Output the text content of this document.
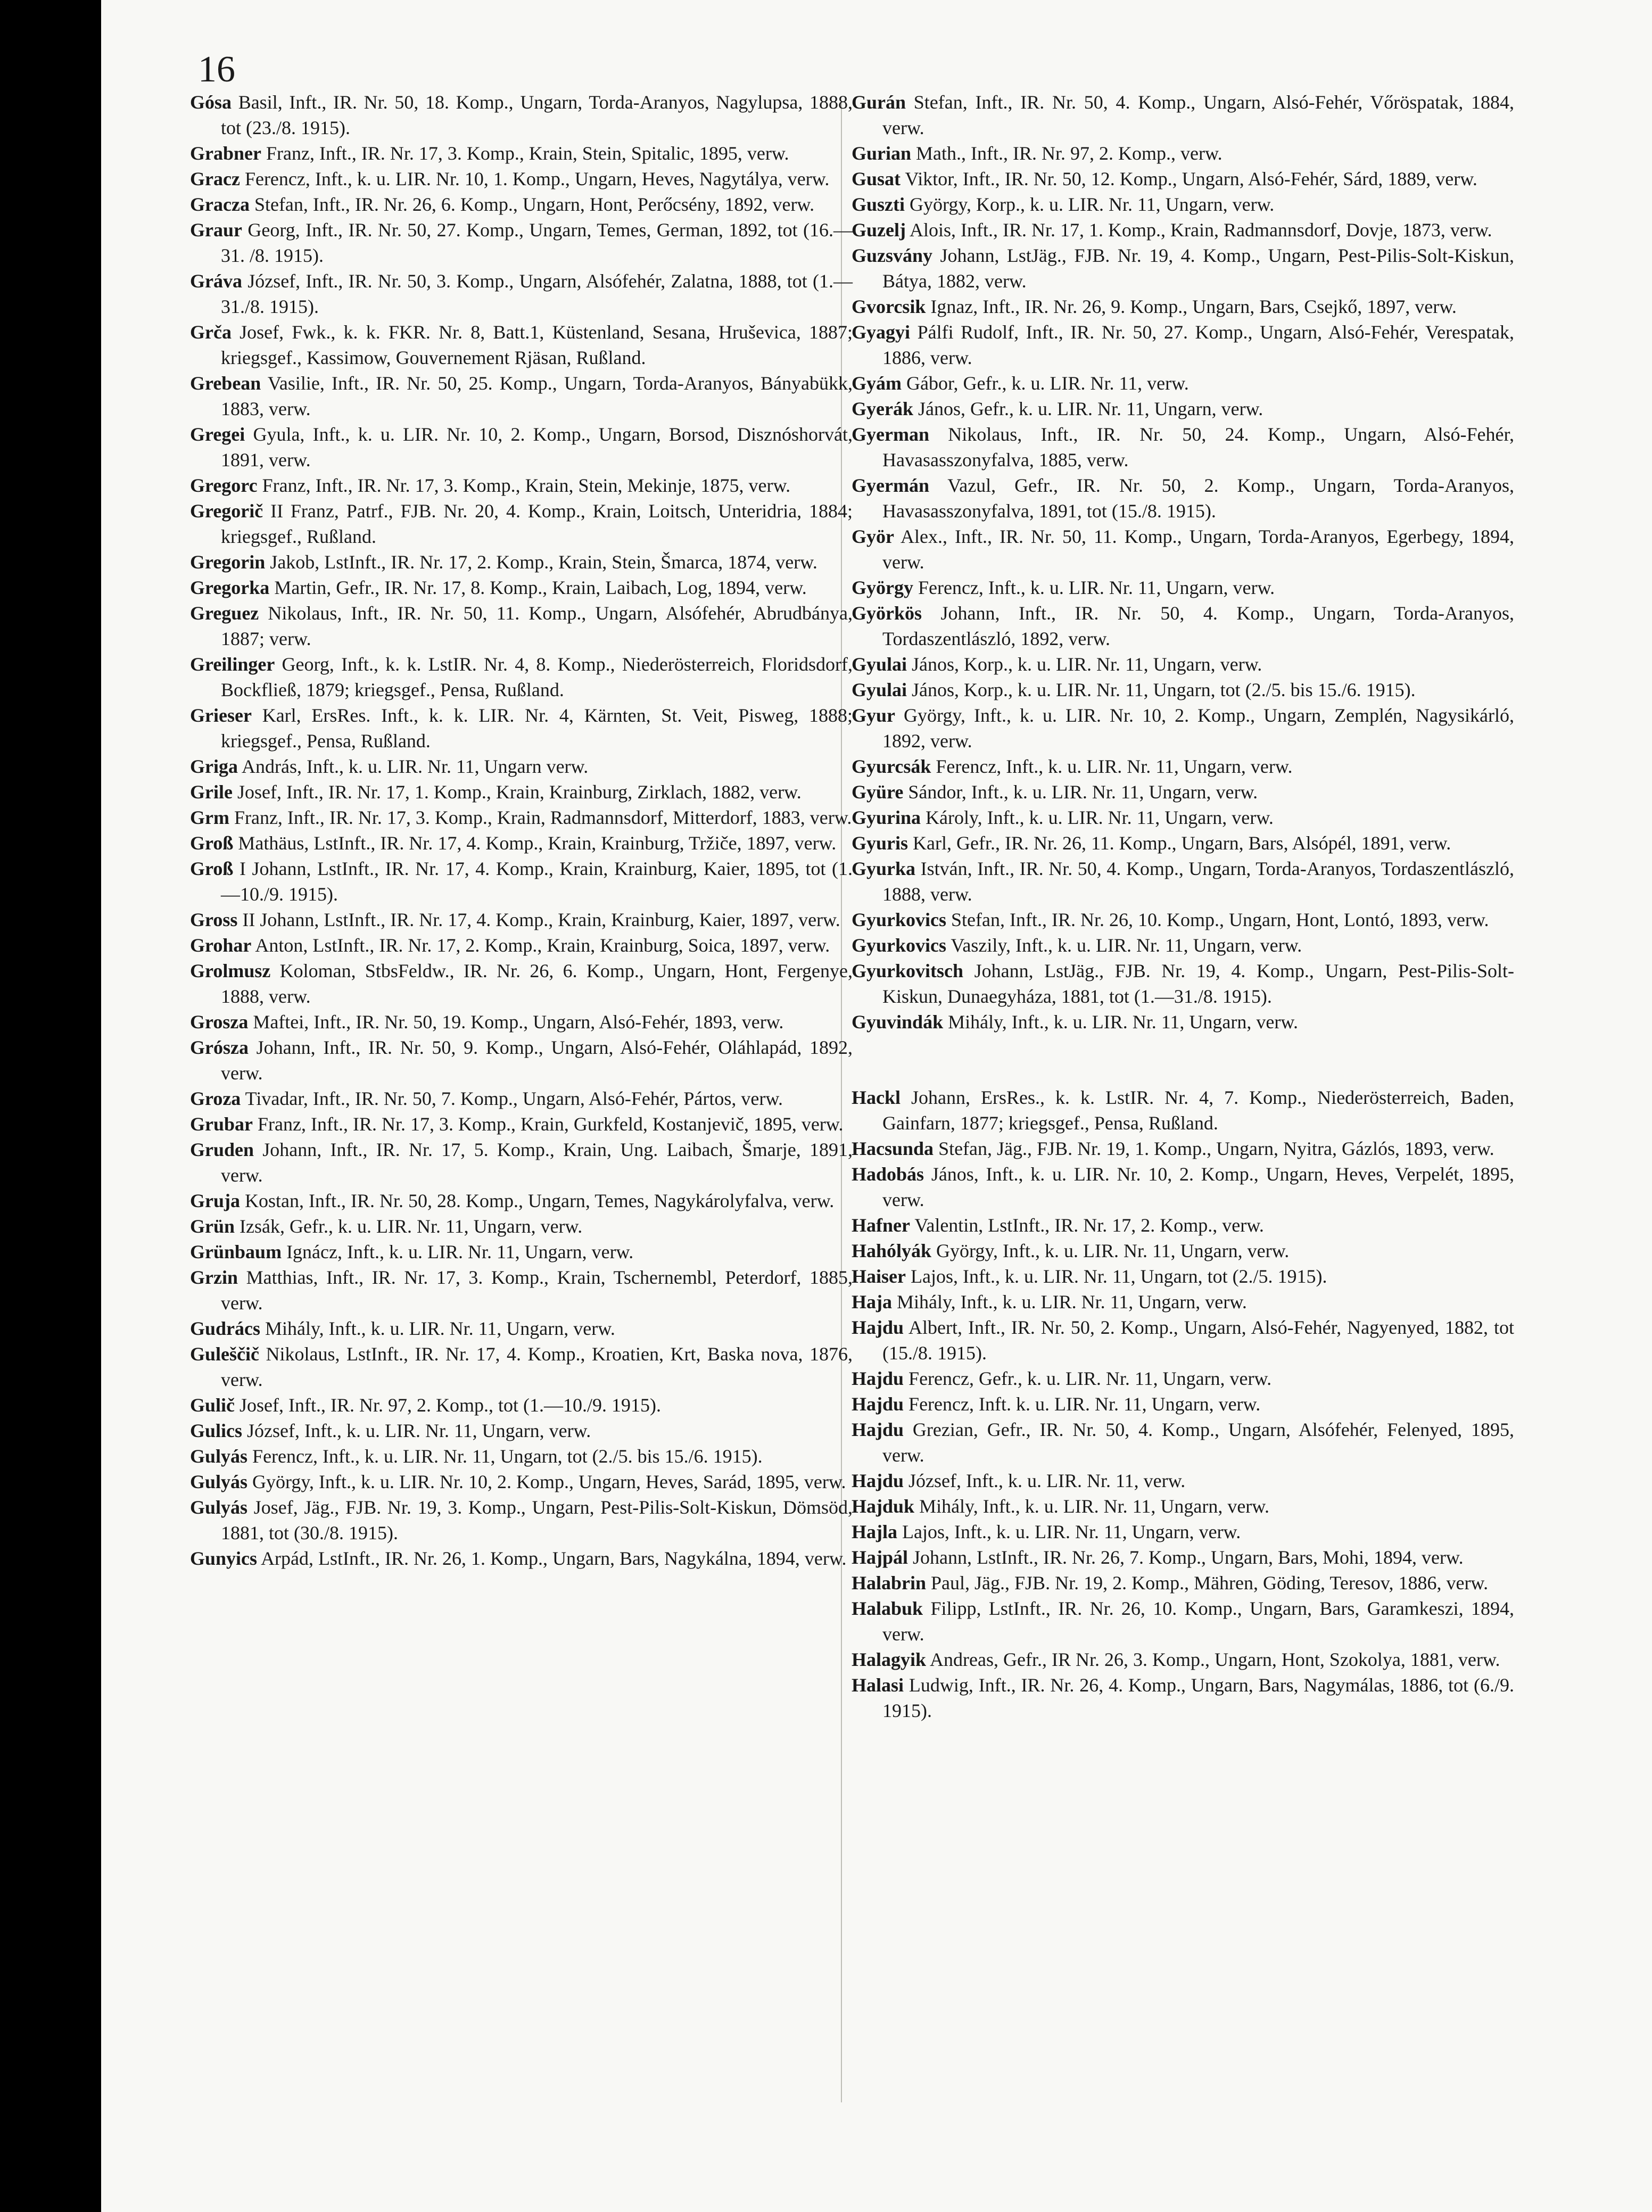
16

Gósa Basil, Inft., IR. Nr. 50, 18. Komp., Ungarn, Torda-Aranyos, Nagylupsa, 1888, tot (23./8. 1915).

Grabner Franz, Inft., IR. Nr. 17, 3. Komp., Krain, Stein, Spitalic, 1895, verw.

Gracz Ferencz, Inft., k. u. LIR. Nr. 10, 1. Komp., Ungarn, Heves, Nagytálya, verw.

Gracza Stefan, Inft., IR. Nr. 26, 6. Komp., Ungarn, Hont, Perőcsény, 1892, verw.

Graur Georg, Inft., IR. Nr. 50, 27. Komp., Ungarn, Temes, German, 1892, tot (16.—31. /8. 1915).

Gráva József, Inft., IR. Nr. 50, 3. Komp., Ungarn, Alsófehér, Zalatna, 1888, tot (1.—31./8. 1915).

Grča Josef, Fwk., k. k. FKR. Nr. 8, Batt.1, Küstenland, Sesana, Hruševica, 1887; kriegsgef., Kassimow, Gouvernement Rjäsan, Rußland.

Grebean Vasilie, Inft., IR. Nr. 50, 25. Komp., Ungarn, Torda-Aranyos, Bányabükk, 1883, verw.

Gregei Gyula, Inft., k. u. LIR. Nr. 10, 2. Komp., Ungarn, Borsod, Disznóshorvát, 1891, verw.

Gregorc Franz, Inft., IR. Nr. 17, 3. Komp., Krain, Stein, Mekinje, 1875, verw.

Gregorič II Franz, Patrf., FJB. Nr. 20, 4. Komp., Krain, Loitsch, Unteridria, 1884; kriegsgef., Rußland.

Gregorin Jakob, LstInft., IR. Nr. 17, 2. Komp., Krain, Stein, Šmarca, 1874, verw.

Gregorka Martin, Gefr., IR. Nr. 17, 8. Komp., Krain, Laibach, Log, 1894, verw.

Greguez Nikolaus, Inft., IR. Nr. 50, 11. Komp., Ungarn, Alsófehér, Abrudbánya, 1887; verw.

Greilinger Georg, Inft., k. k. LstIR. Nr. 4, 8. Komp., Niederösterreich, Floridsdorf, Bockfließ, 1879; kriegsgef., Pensa, Rußland.

Grieser Karl, ErsRes. Inft., k. k. LIR. Nr. 4, Kärnten, St. Veit, Pisweg, 1888; kriegsgef., Pensa, Rußland.

Griga András, Inft., k. u. LIR. Nr. 11, Ungarn verw.

Grile Josef, Inft., IR. Nr. 17, 1. Komp., Krain, Krainburg, Zirklach, 1882, verw.

Grm Franz, Inft., IR. Nr. 17, 3. Komp., Krain, Radmannsdorf, Mitterdorf, 1883, verw.

Groß Mathäus, LstInft., IR. Nr. 17, 4. Komp., Krain, Krainburg, Tržiče, 1897, verw.

Groß I Johann, LstInft., IR. Nr. 17, 4. Komp., Krain, Krainburg, Kaier, 1895, tot (1.—10./9. 1915).

Gross II Johann, LstInft., IR. Nr. 17, 4. Komp., Krain, Krainburg, Kaier, 1897, verw.

Grohar Anton, LstInft., IR. Nr. 17, 2. Komp., Krain, Krainburg, Soica, 1897, verw.

Grolmusz Koloman, StbsFeldw., IR. Nr. 26, 6. Komp., Ungarn, Hont, Fergenye, 1888, verw.

Grosza Maftei, Inft., IR. Nr. 50, 19. Komp., Ungarn, Alsó-Fehér, 1893, verw.

Grósza Johann, Inft., IR. Nr. 50, 9. Komp., Ungarn, Alsó-Fehér, Oláhlapád, 1892, verw.

Groza Tivadar, Inft., IR. Nr. 50, 7. Komp., Ungarn, Alsó-Fehér, Pártos, verw.

Grubar Franz, Inft., IR. Nr. 17, 3. Komp., Krain, Gurkfeld, Kostanjevič, 1895, verw.

Gruden Johann, Inft., IR. Nr. 17, 5. Komp., Krain, Ung. Laibach, Šmarje, 1891, verw.

Gruja Kostan, Inft., IR. Nr. 50, 28. Komp., Ungarn, Temes, Nagykárolyfalva, verw.

Grün Izsák, Gefr., k. u. LIR. Nr. 11, Ungarn, verw.

Grünbaum Ignácz, Inft., k. u. LIR. Nr. 11, Ungarn, verw.

Grzin Matthias, Inft., IR. Nr. 17, 3. Komp., Krain, Tschernembl, Peterdorf, 1885, verw.

Gudrács Mihály, Inft., k. u. LIR. Nr. 11, Ungarn, verw.

Guleščič Nikolaus, LstInft., IR. Nr. 17, 4. Komp., Kroatien, Krt, Baska nova, 1876, verw.

Gulič Josef, Inft., IR. Nr. 97, 2. Komp., tot (1.—10./9. 1915).

Gulics József, Inft., k. u. LIR. Nr. 11, Ungarn, verw.

Gulyás Ferencz, Inft., k. u. LIR. Nr. 11, Ungarn, tot (2./5. bis 15./6. 1915).

Gulyás György, Inft., k. u. LIR. Nr. 10, 2. Komp., Ungarn, Heves, Sarád, 1895, verw.

Gulyás Josef, Jäg., FJB. Nr. 19, 3. Komp., Ungarn, Pest-Pilis-Solt-Kiskun, Dömsöd, 1881, tot (30./8. 1915).

Gunyics Arpád, LstInft., IR. Nr. 26, 1. Komp., Ungarn, Bars, Nagykálna, 1894, verw.

Gurán Stefan, Inft., IR. Nr. 50, 4. Komp., Ungarn, Alsó-Fehér, Vőröspatak, 1884, verw.

Gurian Math., Inft., IR. Nr. 97, 2. Komp., verw.

Gusat Viktor, Inft., IR. Nr. 50, 12. Komp., Ungarn, Alsó-Fehér, Sárd, 1889, verw.

Guszti György, Korp., k. u. LIR. Nr. 11, Ungarn, verw.

Guzelj Alois, Inft., IR. Nr. 17, 1. Komp., Krain, Radmannsdorf, Dovje, 1873, verw.

Guzsvány Johann, LstJäg., FJB. Nr. 19, 4. Komp., Ungarn, Pest-Pilis-Solt-Kiskun, Bátya, 1882, verw.

Gvorcsik Ignaz, Inft., IR. Nr. 26, 9. Komp., Ungarn, Bars, Csejkő, 1897, verw.

Gyagyi Pálfi Rudolf, Inft., IR. Nr. 50, 27. Komp., Ungarn, Alsó-Fehér, Verespatak, 1886, verw.

Gyám Gábor, Gefr., k. u. LIR. Nr. 11, verw.

Gyerák János, Gefr., k. u. LIR. Nr. 11, Ungarn, verw.

Gyerman Nikolaus, Inft., IR. Nr. 50, 24. Komp., Ungarn, Alsó-Fehér, Havasasszonyfalva, 1885, verw.

Gyermán Vazul, Gefr., IR. Nr. 50, 2. Komp., Ungarn, Torda-Aranyos, Havasasszonyfalva, 1891, tot (15./8. 1915).

Györ Alex., Inft., IR. Nr. 50, 11. Komp., Ungarn, Torda-Aranyos, Egerbegy, 1894, verw.

György Ferencz, Inft., k. u. LIR. Nr. 11, Ungarn, verw.

Györkös Johann, Inft., IR. Nr. 50, 4. Komp., Ungarn, Torda-Aranyos, Tordaszentlászló, 1892, verw.

Gyulai János, Korp., k. u. LIR. Nr. 11, Ungarn, verw.

Gyulai János, Korp., k. u. LIR. Nr. 11, Ungarn, tot (2./5. bis 15./6. 1915).

Gyur György, Inft., k. u. LIR. Nr. 10, 2. Komp., Ungarn, Zemplén, Nagysikárló, 1892, verw.

Gyurcsák Ferencz, Inft., k. u. LIR. Nr. 11, Ungarn, verw.

Gyüre Sándor, Inft., k. u. LIR. Nr. 11, Ungarn, verw.

Gyurina Károly, Inft., k. u. LIR. Nr. 11, Ungarn, verw.

Gyuris Karl, Gefr., IR. Nr. 26, 11. Komp., Ungarn, Bars, Alsópél, 1891, verw.

Gyurka István, Inft., IR. Nr. 50, 4. Komp., Ungarn, Torda-Aranyos, Tordaszentlászló, 1888, verw.

Gyurkovics Stefan, Inft., IR. Nr. 26, 10. Komp., Ungarn, Hont, Lontó, 1893, verw.

Gyurkovics Vaszily, Inft., k. u. LIR. Nr. 11, Ungarn, verw.

Gyurkovitsch Johann, LstJäg., FJB. Nr. 19, 4. Komp., Ungarn, Pest-Pilis-Solt-Kiskun, Dunaegyháza, 1881, tot (1.—31./8. 1915).

Gyuvindák Mihály, Inft., k. u. LIR. Nr. 11, Ungarn, verw.

Hackl Johann, ErsRes., k. k. LstIR. Nr. 4, 7. Komp., Niederösterreich, Baden, Gainfarn, 1877; kriegsgef., Pensa, Rußland.

Hacsunda Stefan, Jäg., FJB. Nr. 19, 1. Komp., Ungarn, Nyitra, Gázlós, 1893, verw.

Hadobás János, Inft., k. u. LIR. Nr. 10, 2. Komp., Ungarn, Heves, Verpelét, 1895, verw.

Hafner Valentin, LstInft., IR. Nr. 17, 2. Komp., verw.

Hahólyák György, Inft., k. u. LIR. Nr. 11, Ungarn, verw.

Haiser Lajos, Inft., k. u. LIR. Nr. 11, Ungarn, tot (2./5. 1915).

Haja Mihály, Inft., k. u. LIR. Nr. 11, Ungarn, verw.

Hajdu Albert, Inft., IR. Nr. 50, 2. Komp., Ungarn, Alsó-Fehér, Nagyenyed, 1882, tot (15./8. 1915).

Hajdu Ferencz, Gefr., k. u. LIR. Nr. 11, Ungarn, verw.

Hajdu Ferencz, Inft. k. u. LIR. Nr. 11, Ungarn, verw.

Hajdu Grezian, Gefr., IR. Nr. 50, 4. Komp., Ungarn, Alsófehér, Felenyed, 1895, verw.

Hajdu József, Inft., k. u. LIR. Nr. 11, verw.

Hajduk Mihály, Inft., k. u. LIR. Nr. 11, Ungarn, verw.

Hajla Lajos, Inft., k. u. LIR. Nr. 11, Ungarn, verw.

Hajpál Johann, LstInft., IR. Nr. 26, 7. Komp., Ungarn, Bars, Mohi, 1894, verw.

Halabrin Paul, Jäg., FJB. Nr. 19, 2. Komp., Mähren, Göding, Teresov, 1886, verw.

Halabuk Filipp, LstInft., IR. Nr. 26, 10. Komp., Ungarn, Bars, Garamkeszi, 1894, verw.

Halagyik Andreas, Gefr., IR Nr. 26, 3. Komp., Ungarn, Hont, Szokolya, 1881, verw.

Halasi Ludwig, Inft., IR. Nr. 26, 4. Komp., Ungarn, Bars, Nagymálas, 1886, tot (6./9. 1915).
